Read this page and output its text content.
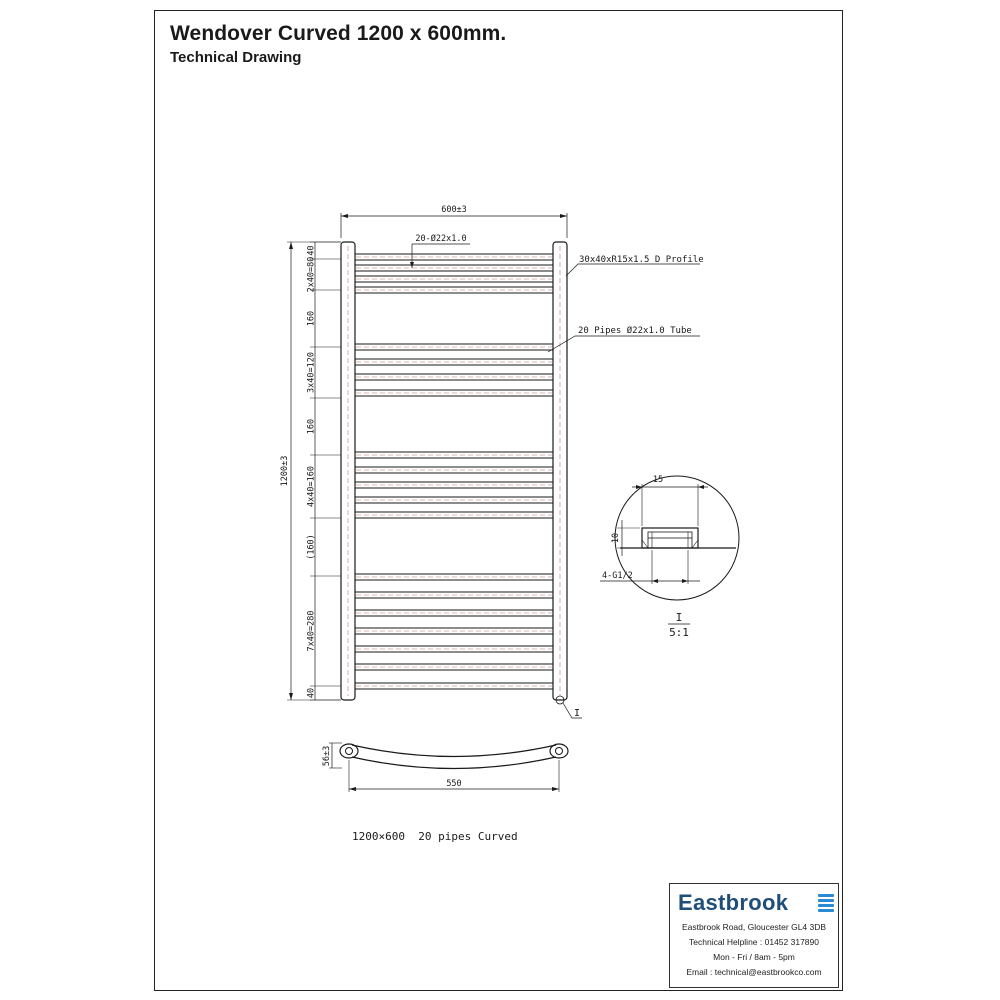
Wendover Curved 1200 x 600mm.
Technical Drawing
600±3
20-Ø22x1.0
1200±3
40
2x40=80
160
3x40=120
160
4x40=160
(160)
7x40=280
40
30x40xR15x1.5 D Profile
20 Pipes Ø22x1.0 Tube
I
56±3
550
15
10
4-G1/2
I
5:1
1200×600  20 pipes Curved
Eastbrook
Eastbrook Road, Gloucester GL4 3DB
Technical Helpline : 01452 317890
Mon - Fri / 8am - 5pm
Email : technical@eastbrookco.com
